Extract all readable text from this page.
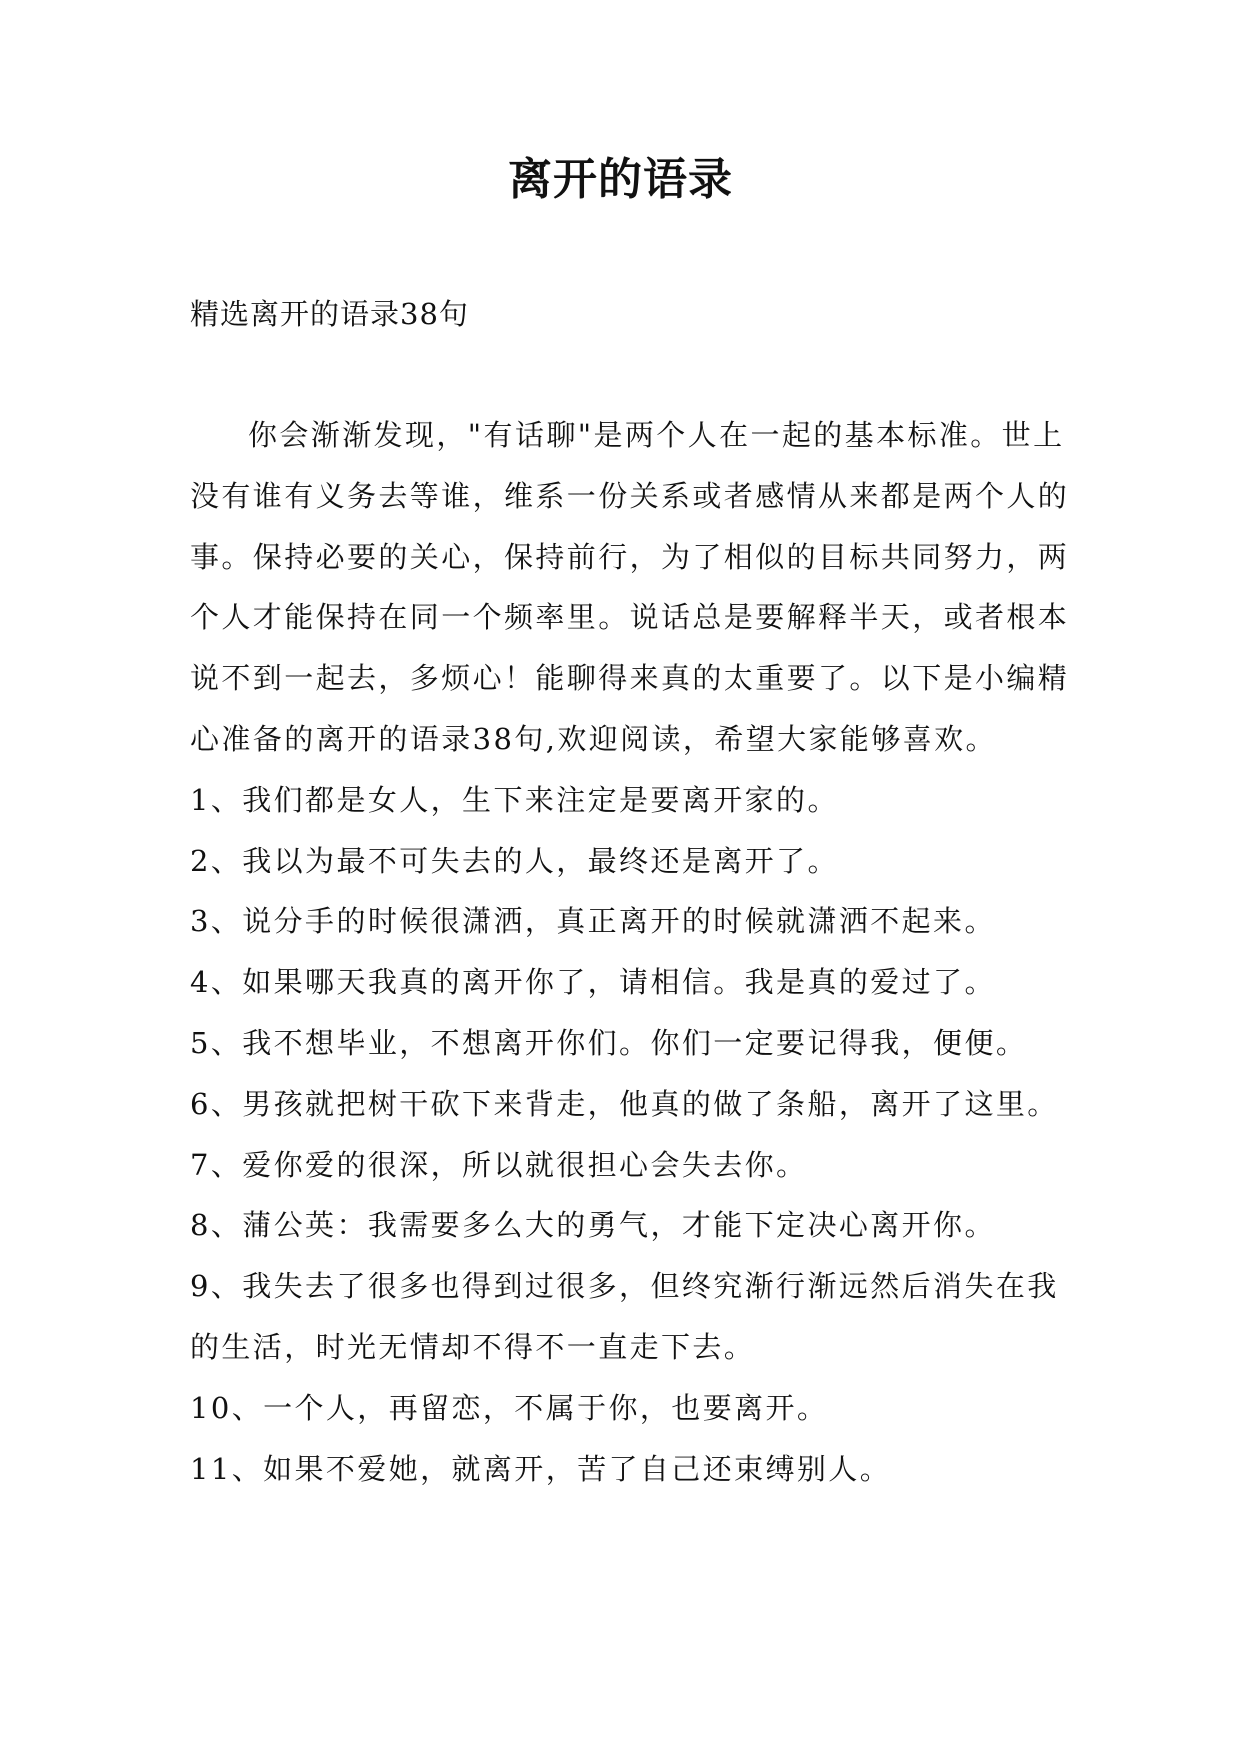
离开的语录
精选离开的语录38句

你会渐渐发现，"有话聊"是两个人在一起的基本标准。世上没有谁有义务去等谁，维系一份关系或者感情从来都是两个人的事。保持必要的关心，保持前行，为了相似的目标共同努力，两个人才能保持在同一个频率里。说话总是要解释半天，或者根本说不到一起去，多烦心！能聊得来真的太重要了。以下是小编精心准备的离开的语录38句,欢迎阅读，希望大家能够喜欢。

1、我们都是女人，生下来注定是要离开家的。
2、我以为最不可失去的人，最终还是离开了。
3、说分手的时候很潇洒，真正离开的时候就潇洒不起来。
4、如果哪天我真的离开你了，请相信。我是真的爱过了。
5、我不想毕业，不想离开你们。你们一定要记得我，便便。
6、男孩就把树干砍下来背走，他真的做了条船，离开了这里。
7、爱你爱的很深，所以就很担心会失去你。
8、蒲公英：我需要多么大的勇气，才能下定决心离开你。
9、我失去了很多也得到过很多，但终究渐行渐远然后消失在我的生活，时光无情却不得不一直走下去。
10、一个人，再留恋，不属于你，也要离开。
11、如果不爱她，就离开，苦了自己还束缚别人。
